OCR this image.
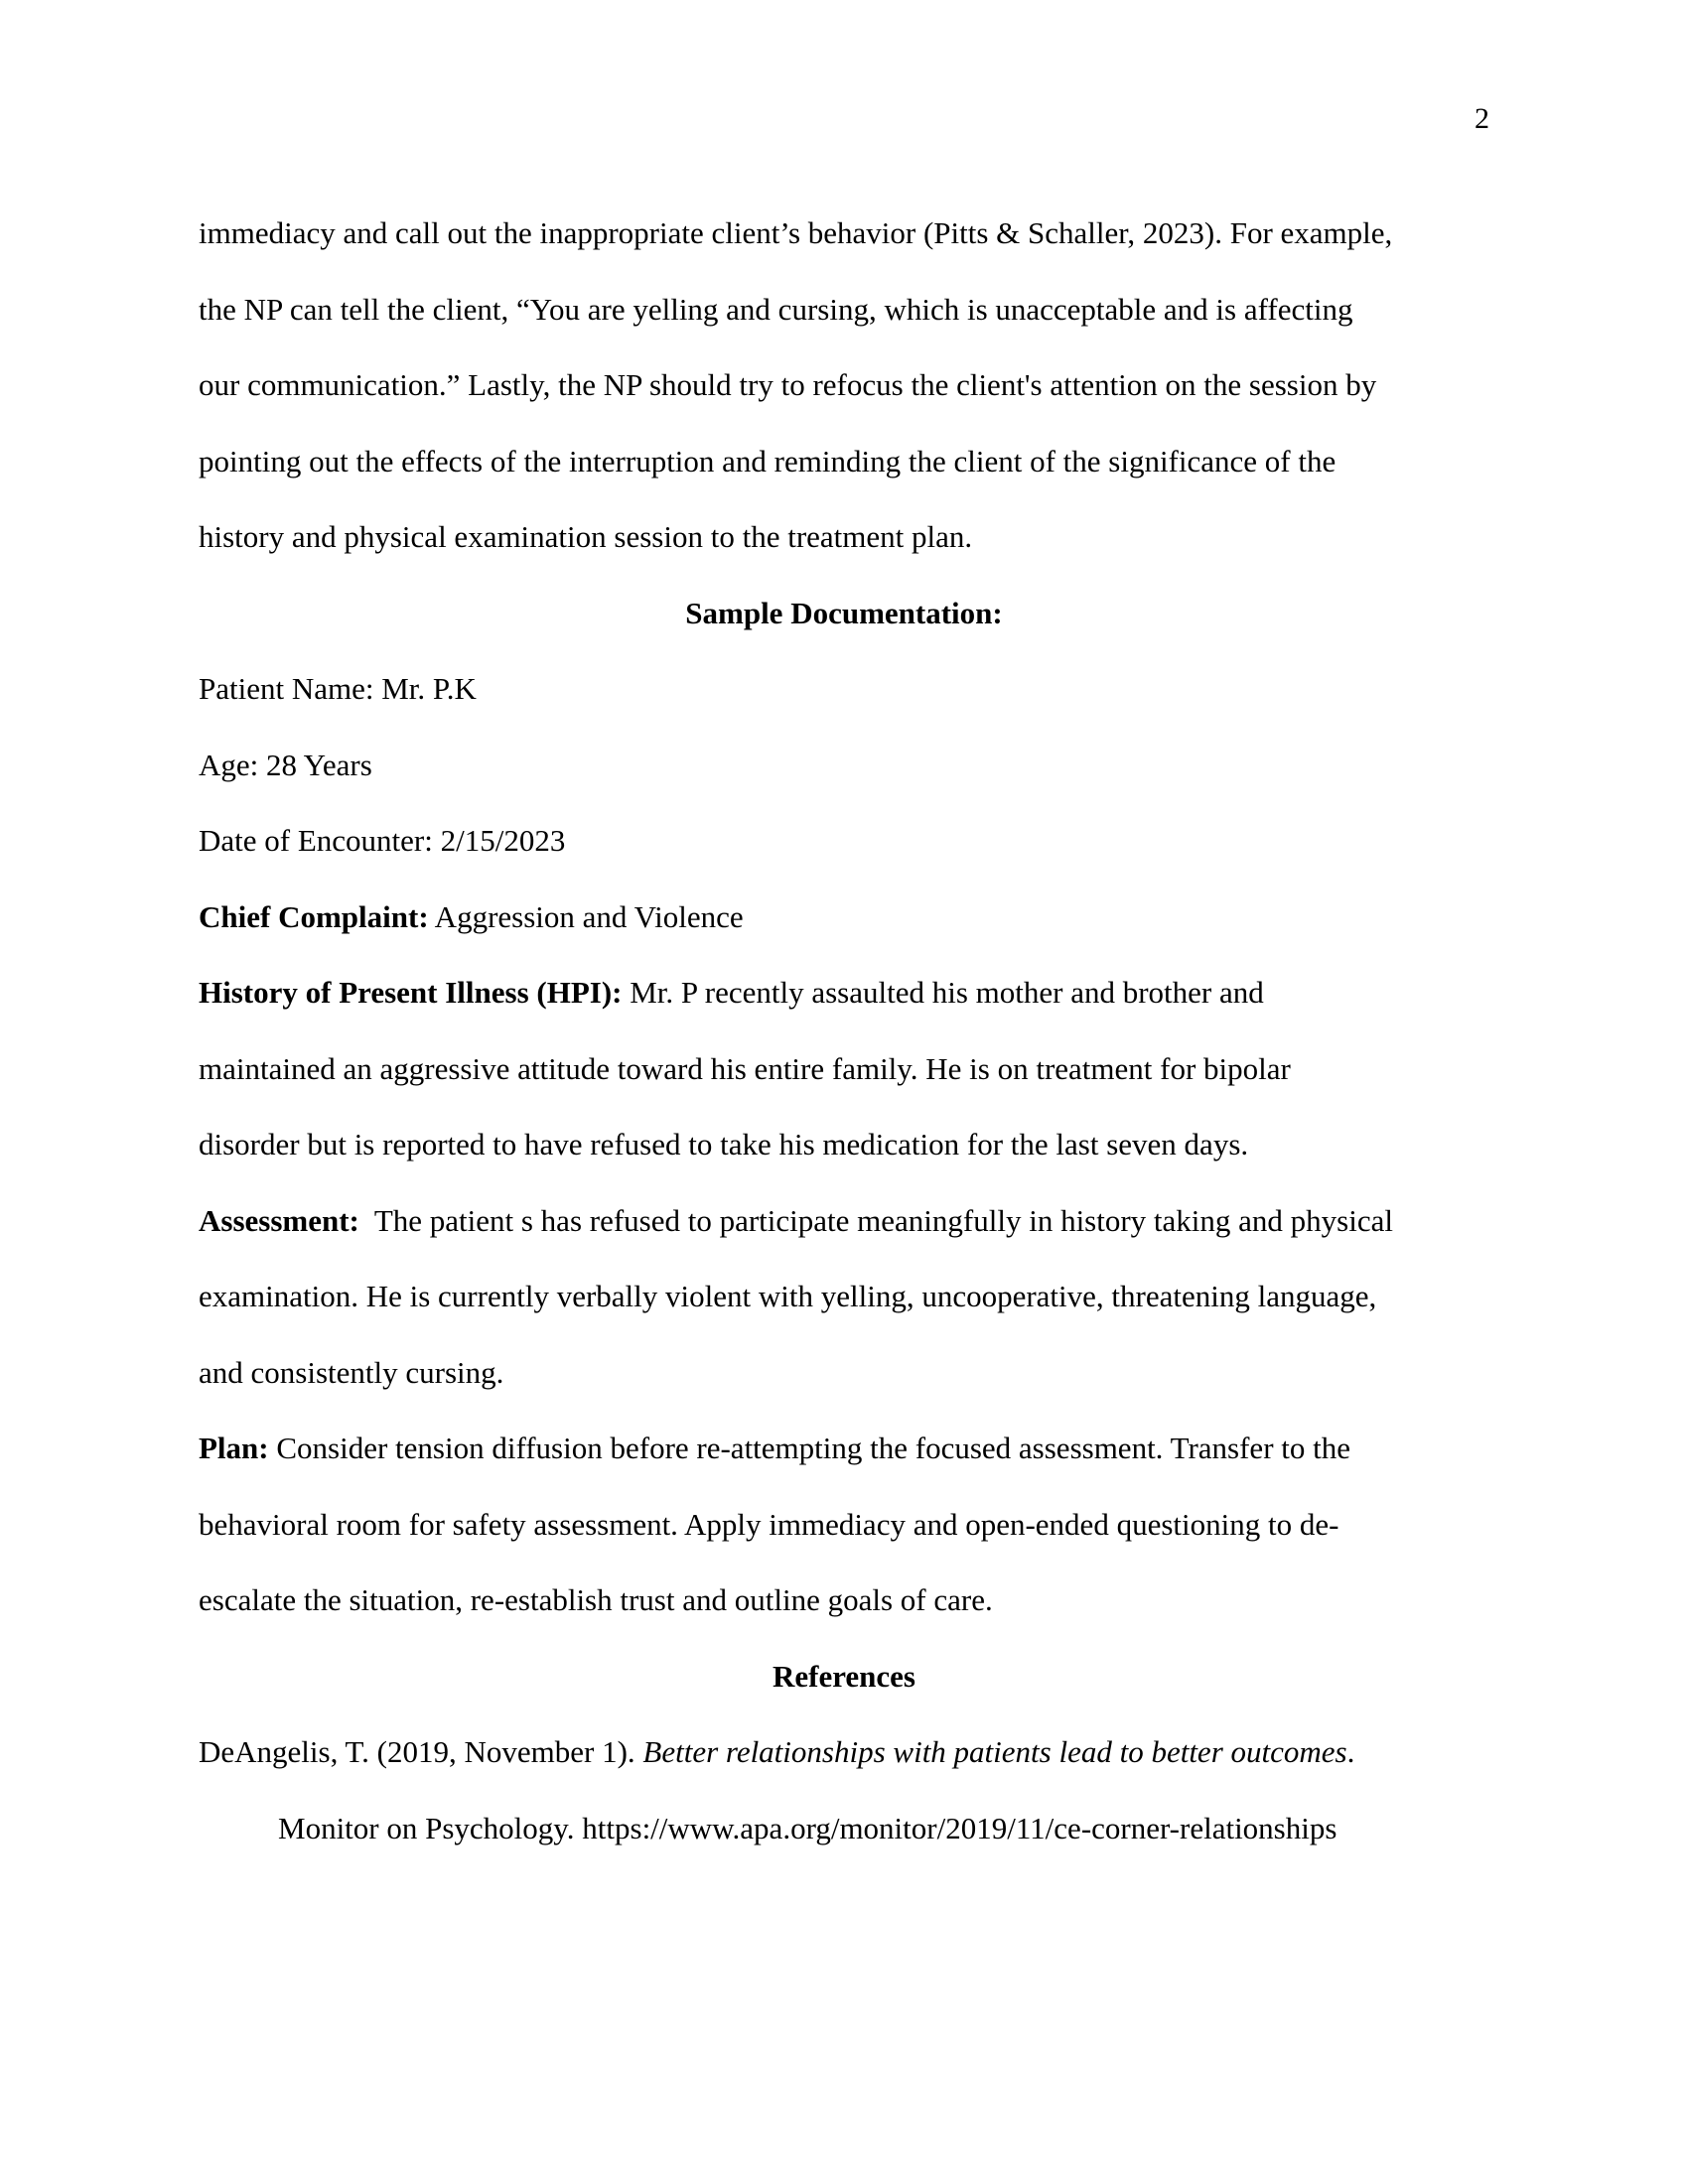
2
immediacy and call out the inappropriate client’s behavior (Pitts & Schaller, 2023). For example,
the NP can tell the client, “You are yelling and cursing, which is unacceptable and is affecting
our communication.” Lastly, the NP should try to refocus the client's attention on the session by
pointing out the effects of the interruption and reminding the client of the significance of the
history and physical examination session to the treatment plan.
Sample Documentation:
Patient Name: Mr. P.K
Age: 28 Years
Date of Encounter: 2/15/2023
Chief Complaint: Aggression and Violence
History of Present Illness (HPI): Mr. P recently assaulted his mother and brother and
maintained an aggressive attitude toward his entire family. He is on treatment for bipolar
disorder but is reported to have refused to take his medication for the last seven days.
Assessment:  The patient s has refused to participate meaningfully in history taking and physical
examination. He is currently verbally violent with yelling, uncooperative, threatening language,
and consistently cursing.
Plan: Consider tension diffusion before re-attempting the focused assessment. Transfer to the
behavioral room for safety assessment. Apply immediacy and open-ended questioning to de-
escalate the situation, re-establish trust and outline goals of care.
References
DeAngelis, T. (2019, November 1). Better relationships with patients lead to better outcomes.
Monitor on Psychology. https://www.apa.org/monitor/2019/11/ce-corner-relationships
